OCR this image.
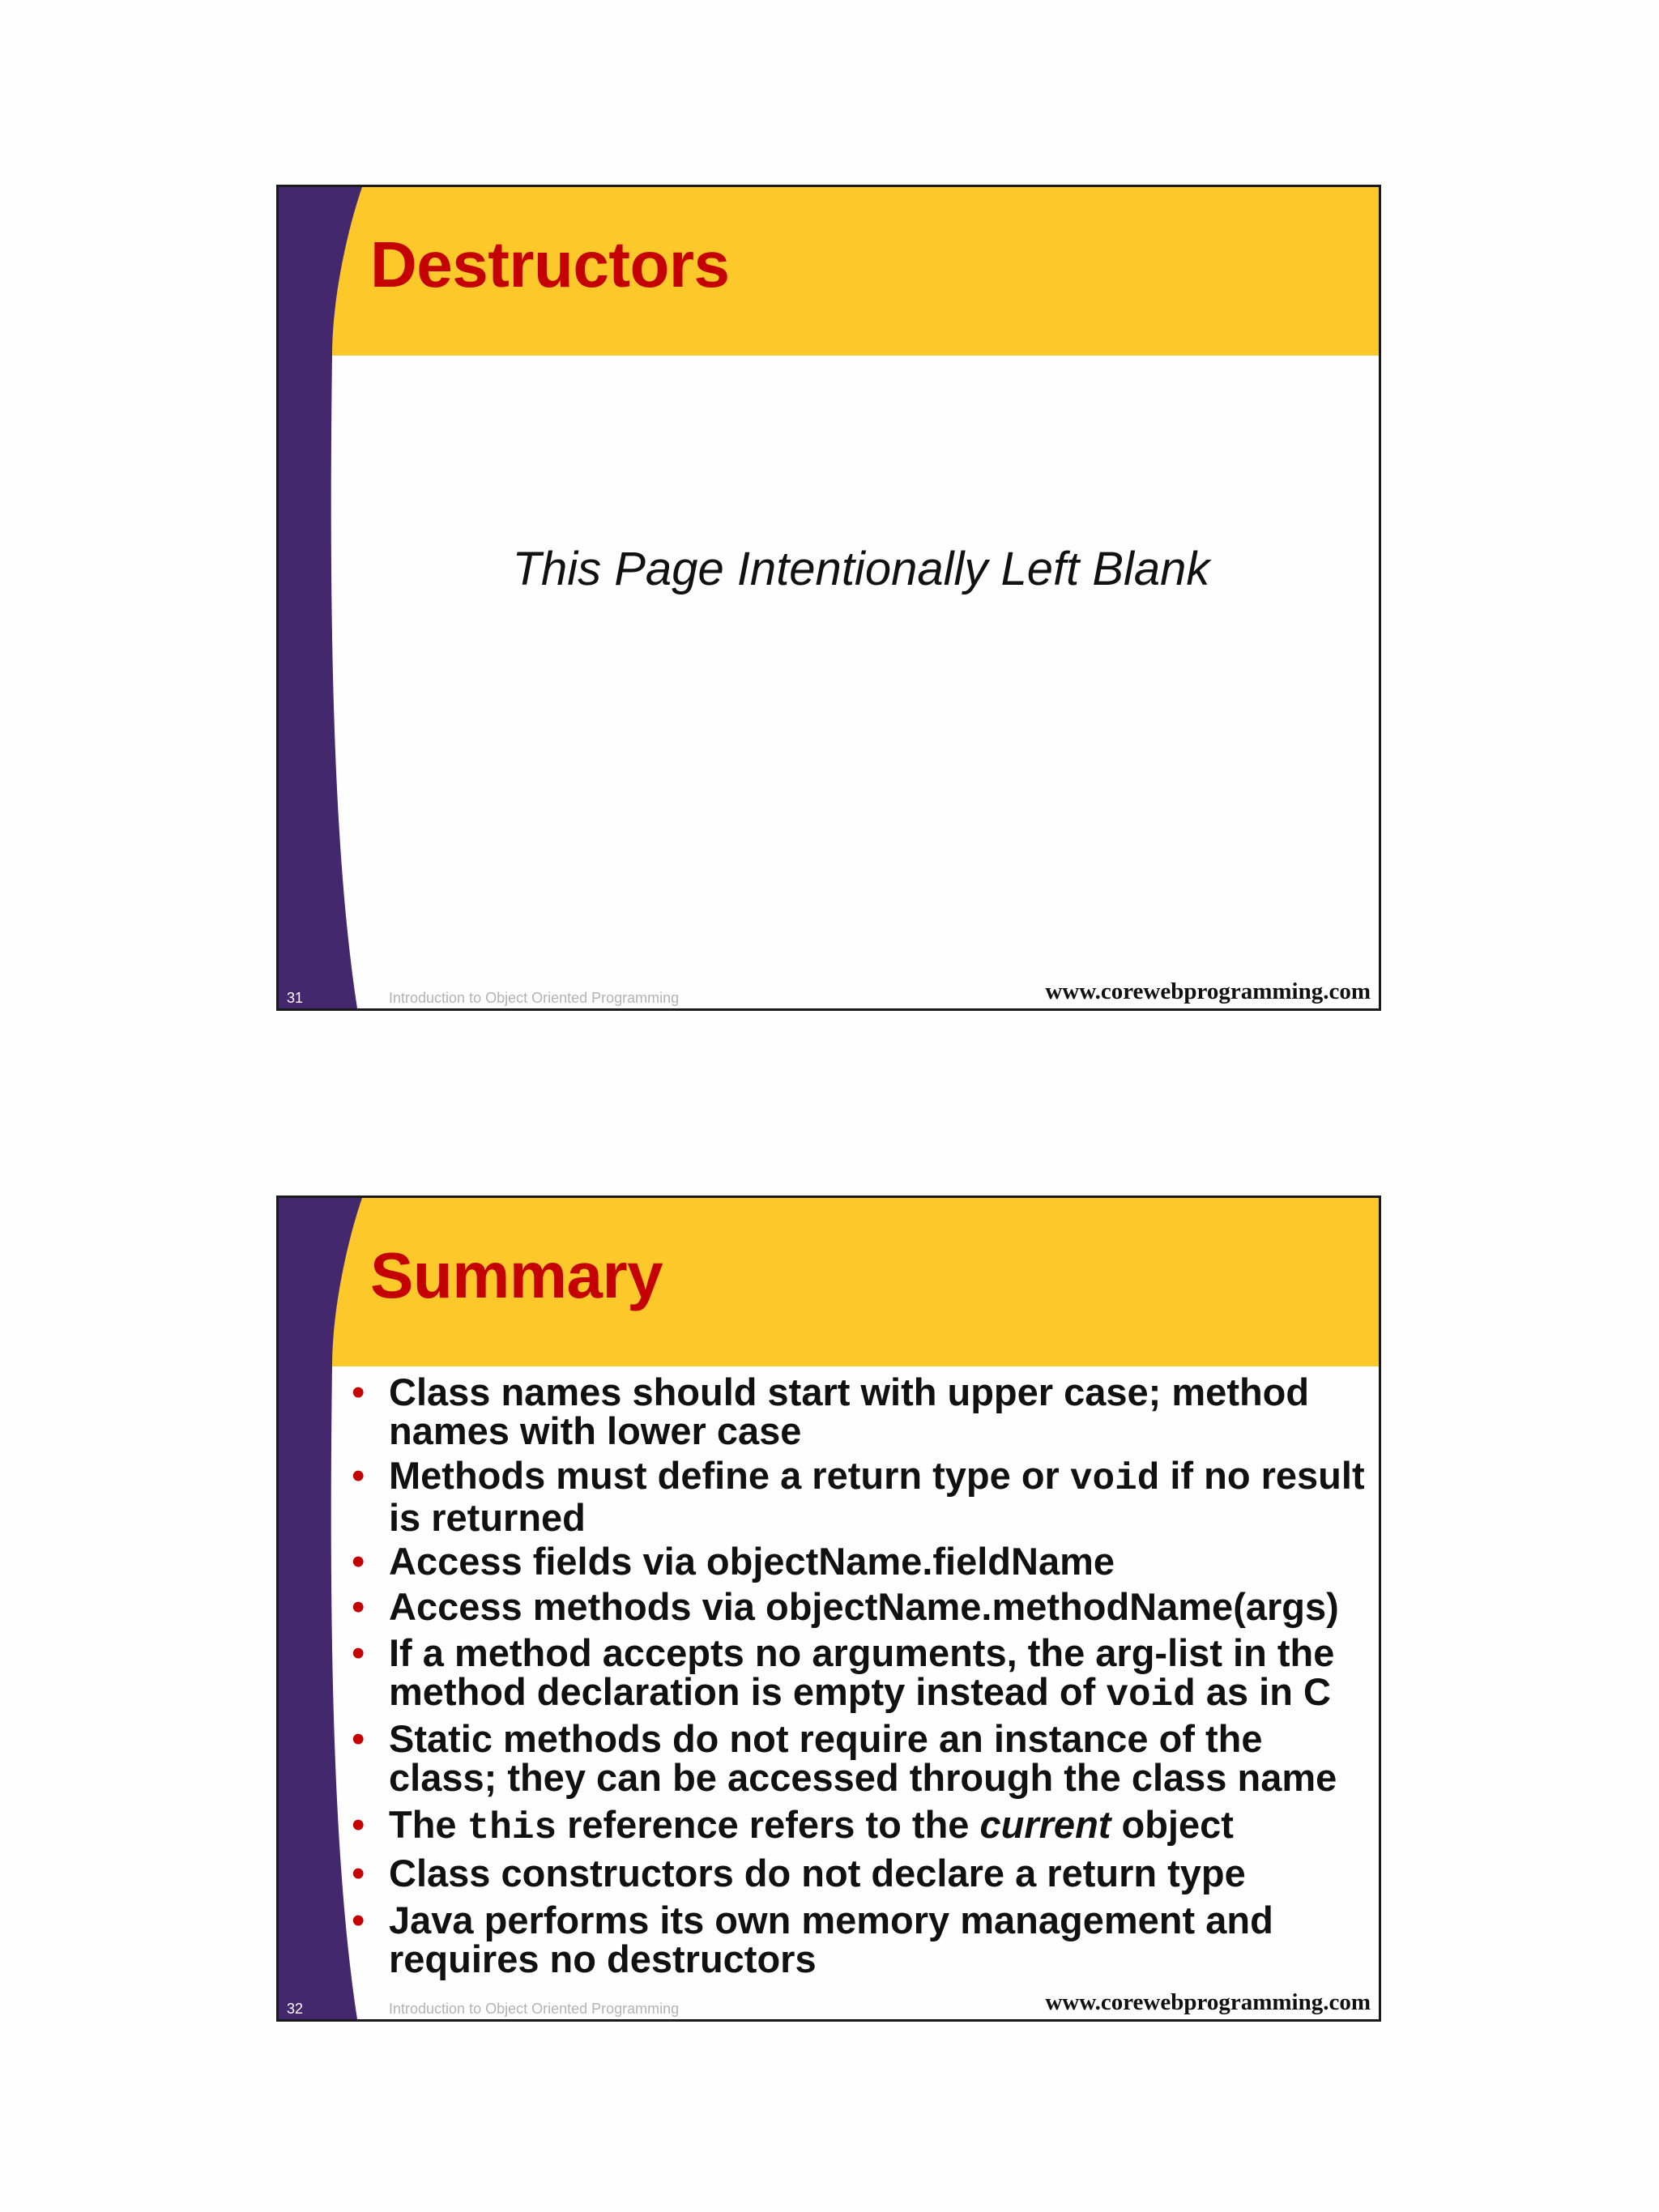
Destructors
This Page Intentionally Left Blank
31	Introduction to Object Oriented Programming	www.corewebprogramming.com
Summary
• Class names should start with upper case; method names with lower case
• Methods must define a return type or void if no result is returned
• Access fields via objectName.fieldName
• Access methods via objectName.methodName(args)
• If a method accepts no arguments, the arg-list in the method declaration is empty instead of void as in C
• Static methods do not require an instance of the class; they can be accessed through the class name
• The this reference refers to the current object
• Class constructors do not declare a return type
• Java performs its own memory management and requires no destructors
32	Introduction to Object Oriented Programming	www.corewebprogramming.com
